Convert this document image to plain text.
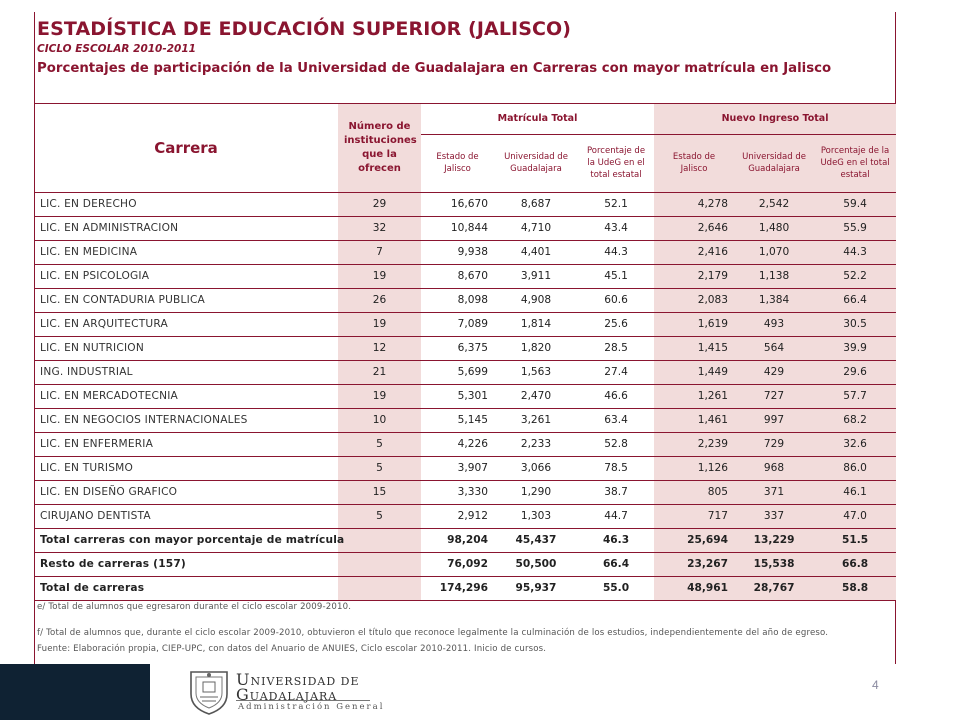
ESTADÍSTICA DE EDUCACIÓN SUPERIOR (JALISCO)
CICLO ESCOLAR 2010-2011
Porcentajes de participación de la Universidad de Guadalajara en Carreras con mayor matrícula en Jalisco
Carrera	Número de instituciones que la ofrecen	Matrícula Total			Nuevo Ingreso Total		
		Estado de Jalisco	Universidad de Guadalajara	Porcentaje de la UdeG en el total estatal	Estado de Jalisco	Universidad de Guadalajara	Porcentaje de la UdeG en el total estatal
LIC. EN DERECHO	29	16,670	8,687	52.1	4,278	2,542	59.4
LIC. EN ADMINISTRACION	32	10,844	4,710	43.4	2,646	1,480	55.9
LIC. EN MEDICINA	7	9,938	4,401	44.3	2,416	1,070	44.3
LIC. EN PSICOLOGIA	19	8,670	3,911	45.1	2,179	1,138	52.2
LIC. EN CONTADURIA PUBLICA	26	8,098	4,908	60.6	2,083	1,384	66.4
LIC. EN ARQUITECTURA	19	7,089	1,814	25.6	1,619	493	30.5
LIC. EN NUTRICION	12	6,375	1,820	28.5	1,415	564	39.9
ING. INDUSTRIAL	21	5,699	1,563	27.4	1,449	429	29.6
LIC. EN MERCADOTECNIA	19	5,301	2,470	46.6	1,261	727	57.7
LIC. EN NEGOCIOS INTERNACIONALES	10	5,145	3,261	63.4	1,461	997	68.2
LIC. EN ENFERMERIA	5	4,226	2,233	52.8	2,239	729	32.6
LIC. EN TURISMO	5	3,907	3,066	78.5	1,126	968	86.0
LIC. EN DISEÑO GRAFICO	15	3,330	1,290	38.7	805	371	46.1
CIRUJANO DENTISTA	5	2,912	1,303	44.7	717	337	47.0
Total carreras con mayor porcentaje de matrícula		98,204	45,437	46.3	25,694	13,229	51.5
Resto de carreras (157)		76,092	50,500	66.4	23,267	15,538	66.8
Total de carreras		174,296	95,937	55.0	48,961	28,767	58.8
e/ Total de alumnos que egresaron durante el ciclo escolar 2009-2010.
f/ Total de alumnos que, durante el ciclo escolar 2009-2010, obtuvieron el título que reconoce legalmente la culminación de los estudios, independientemente del año de egreso.
Fuente: Elaboración propia, CIEP-UPC, con datos del Anuario de ANUIES, Ciclo escolar 2010-2011. Inicio de cursos.
UNIVERSIDAD DE
GUADALAJARA
Administración General
4
